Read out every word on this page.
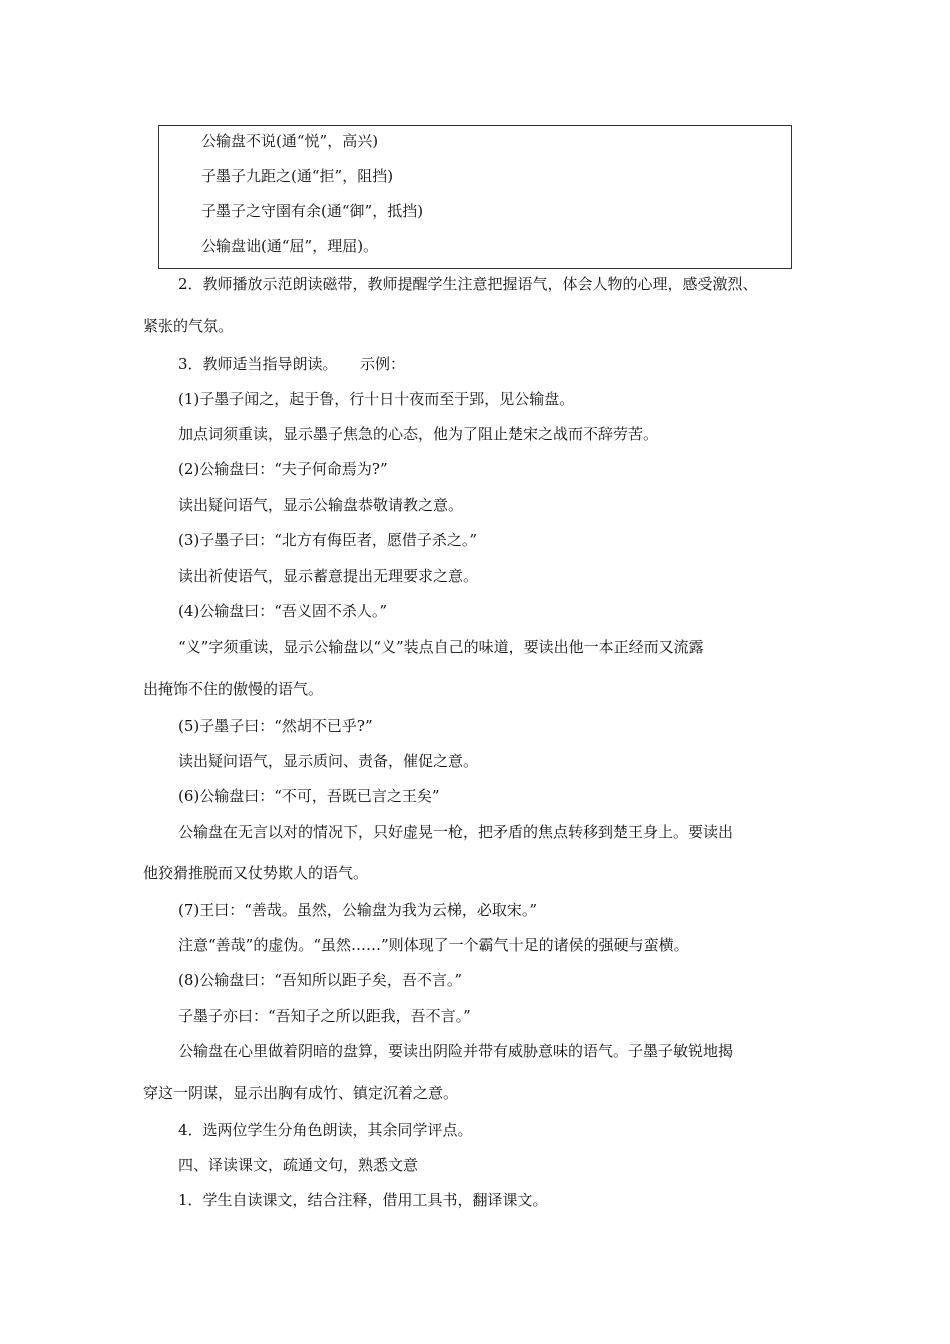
公输盘不说(通“悦”，高兴)
子墨子九距之(通“拒”，阻挡)
子墨子之守圉有余(通“御”，抵挡)
公输盘诎(通“屈”，理屈)。
2．教师播放示范朗读磁带，教师提醒学生注意把握语气，体会人物的心理，感受激烈、
紧张的气氛。
3．教师适当指导朗读。　　示例：
(1)子墨子闻之，起于鲁，行十日十夜而至于郢，见公输盘。
加点词须重读，显示墨子焦急的心态，他为了阻止楚宋之战而不辞劳苦。
(2)公输盘曰：“夫子何命焉为?”
读出疑问语气，显示公输盘恭敬请教之意。
(3)子墨子曰：“北方有侮臣者，愿借子杀之。”
读出祈使语气，显示蓄意提出无理要求之意。
(4)公输盘曰：“吾义固不杀人。”
“义”字须重读，显示公输盘以“义”装点自己的味道，要读出他一本正经而又流露
出掩饰不住的傲慢的语气。
(5)子墨子曰：“然胡不已乎?”
读出疑问语气，显示质问、责备，催促之意。
(6)公输盘曰：“不可，吾既已言之王矣”
公输盘在无言以对的情况下，只好虚晃一枪，把矛盾的焦点转移到楚王身上。要读出
他狡猾推脱而又仗势欺人的语气。
(7)王曰：“善哉。虽然，公输盘为我为云梯，必取宋。”
注意“善哉”的虚伪。“虽然……”则体现了一个霸气十足的诸侯的强硬与蛮横。
(8)公输盘曰：“吾知所以距子矣，吾不言。”
子墨子亦曰：“吾知子之所以距我，吾不言。”
公输盘在心里做着阴暗的盘算，要读出阴险并带有威胁意味的语气。子墨子敏锐地揭
穿这一阴谋，显示出胸有成竹、镇定沉着之意。
4．选两位学生分角色朗读，其余同学评点。
四、译读课文，疏通文句，熟悉文意
1．学生自读课文，结合注释，借用工具书，翻译课文。
